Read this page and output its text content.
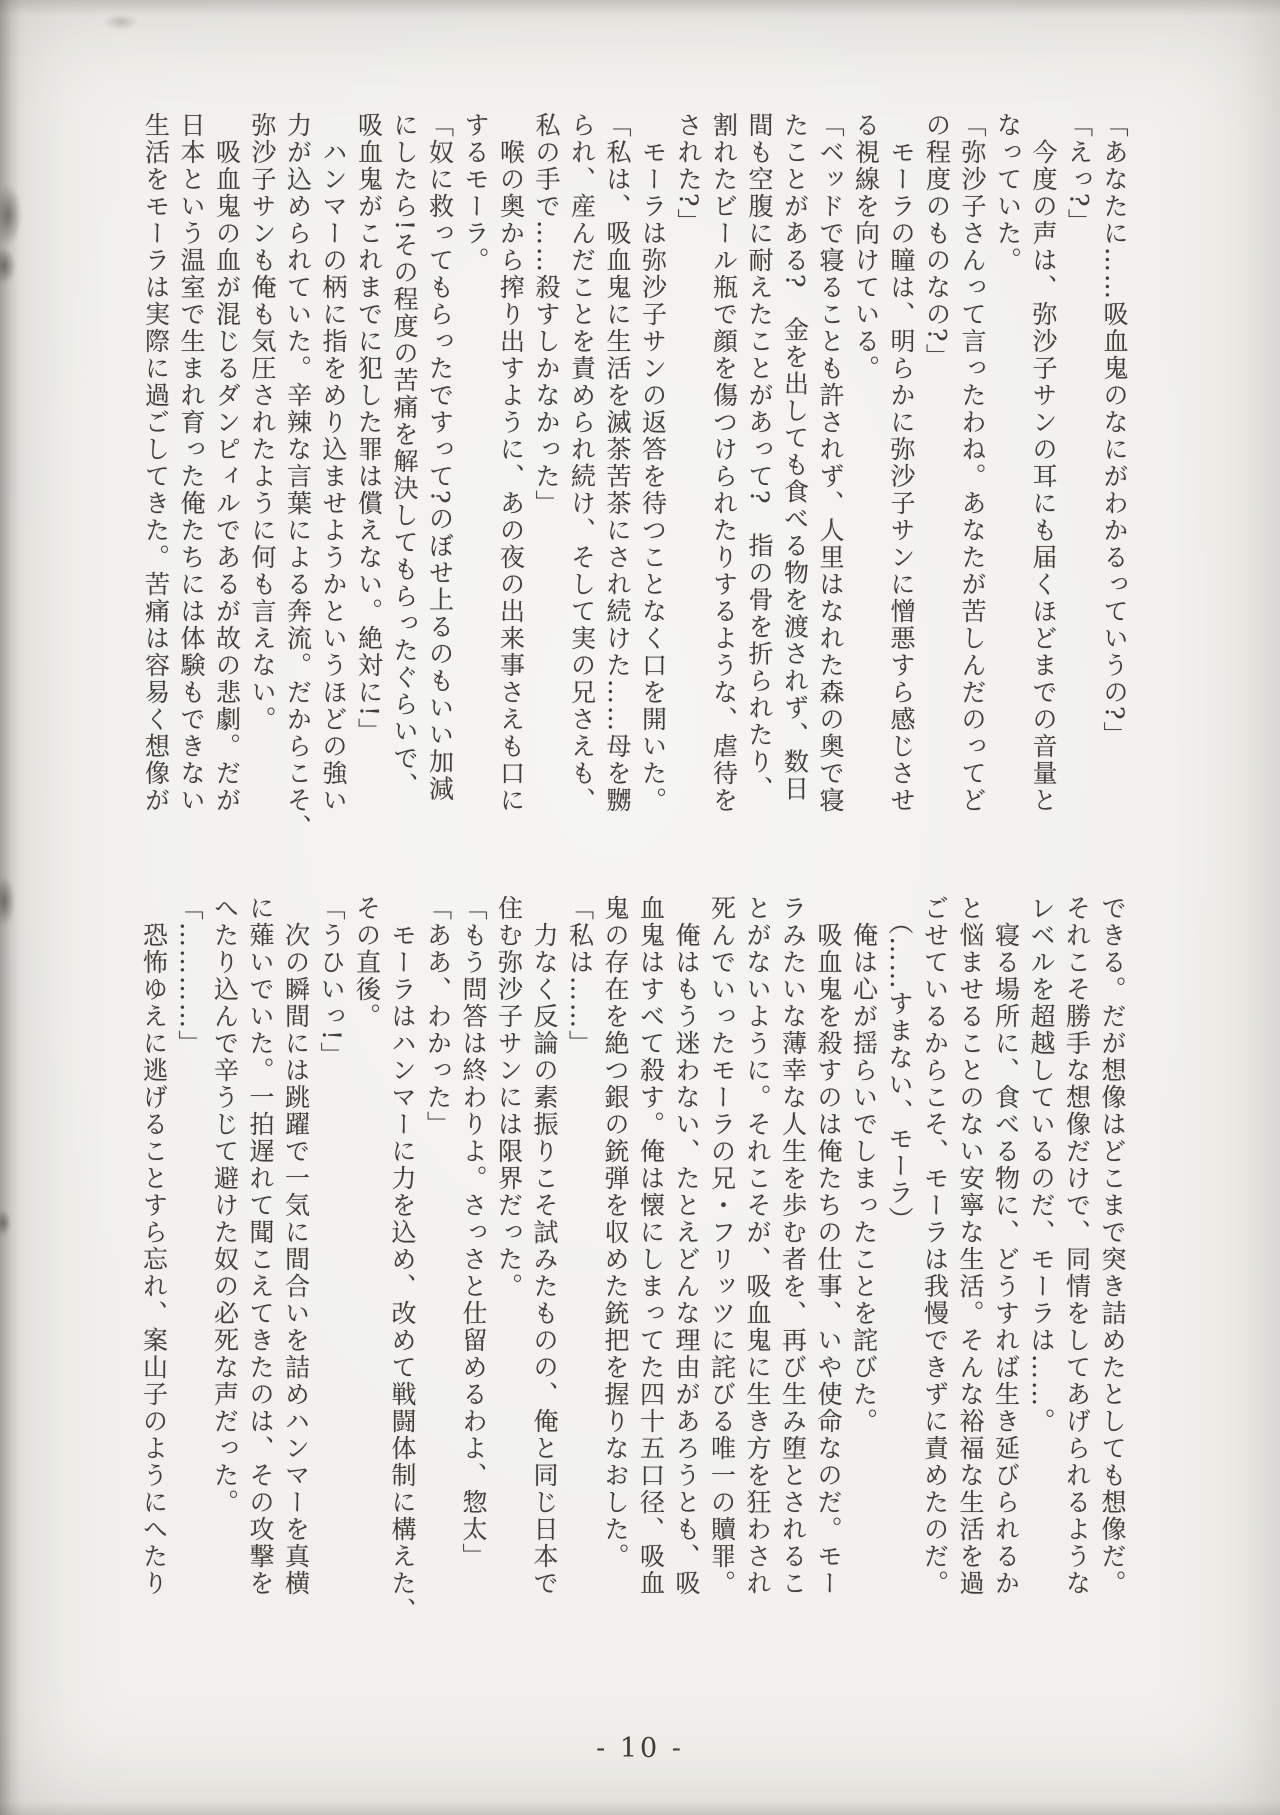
「あなたに……吸血鬼のなにがわかるっていうの?」
「えっ?」
　今度の声は、弥沙子サンの耳にも届くほどまでの音量と
なっていた。
「弥沙子さんって言ったわね。あなたが苦しんだのってど
の程度のものなの?」
　モーラの瞳は、明らかに弥沙子サンに憎悪すら感じさせ
る視線を向けている。
「ベッドで寝ることも許されず、人里はなれた森の奥で寝
たことがある?　金を出しても食べる物を渡されず、数日
間も空腹に耐えたことがあって?　指の骨を折られたり、
割れたビール瓶で顔を傷つけられたりするような、虐待を
された?」
　モーラは弥沙子サンの返答を待つことなく口を開いた。
「私は、吸血鬼に生活を滅茶苦茶にされ続けた……母を嬲
られ、産んだことを責められ続け、そして実の兄さえも、
私の手で……殺すしかなかった」
　喉の奥から搾り出すように、あの夜の出来事さえも口に
するモーラ。
「奴に救ってもらったですって?のぼせ上るのもいい加減
にしたら!その程度の苦痛を解決してもらったぐらいで、
吸血鬼がこれまでに犯した罪は償えない。絶対に!」
　ハンマーの柄に指をめり込ませようかというほどの強い
力が込められていた。辛辣な言葉による奔流。だからこそ、
弥沙子サンも俺も気圧されたように何も言えない。
　吸血鬼の血が混じるダンピィルであるが故の悲劇。だが
日本という温室で生まれ育った俺たちには体験もできない
生活をモーラは実際に過ごしてきた。苦痛は容易く想像が
できる。だが想像はどこまで突き詰めたとしても想像だ。
それこそ勝手な想像だけで、同情をしてあげられるような
レベルを超越しているのだ、モーラは……。
　寝る場所に、食べる物に、どうすれば生き延びられるか
と悩ませることのない安寧な生活。そんな裕福な生活を過
ごせているからこそ、モーラは我慢できずに責めたのだ。
　（……すまない、モーラ）
　俺は心が揺らいでしまったことを詫びた。
　吸血鬼を殺すのは俺たちの仕事、いや使命なのだ。モー
ラみたいな薄幸な人生を歩む者を、再び生み堕とされるこ
とがないように。それこそが、吸血鬼に生き方を狂わされ
死んでいったモーラの兄・フリッツに詫びる唯一の贖罪。
　俺はもう迷わない、たとえどんな理由があろうとも、吸
血鬼はすべて殺す。俺は懐にしまってた四十五口径、吸血
鬼の存在を絶つ銀の銃弾を収めた銃把を握りなおした。
「私は……」
　力なく反論の素振りこそ試みたものの、俺と同じ日本で
住む弥沙子サンには限界だった。
「もう問答は終わりよ。さっさと仕留めるわよ、惣太」
「ああ、わかった」
　モーラはハンマーに力を込め、改めて戦闘体制に構えた、
その直後。
「うひいっ!」
　次の瞬間には跳躍で一気に間合いを詰めハンマーを真横
に薙いでいた。一拍遅れて聞こえてきたのは、その攻撃を
へたり込んで辛うじて避けた奴の必死な声だった。
「…………」
　恐怖ゆえに逃げることすら忘れ、案山子のようにへたり
- 10 -
